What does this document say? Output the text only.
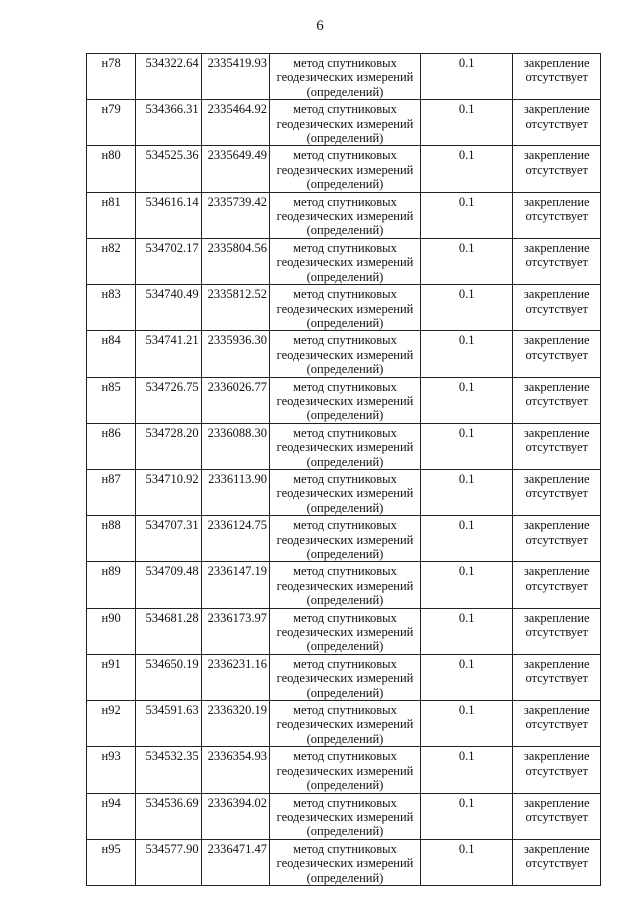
6
н78	534322.64	2335419.93	метод спутниковых
геодезических измерений
(определений)	0.1	закрепление
отсутствует

н79	534366.31	2335464.92	метод спутниковых
геодезических измерений
(определений)	0.1	закрепление
отсутствует

н80	534525.36	2335649.49	метод спутниковых
геодезических измерений
(определений)	0.1	закрепление
отсутствует

н81	534616.14	2335739.42	метод спутниковых
геодезических измерений
(определений)	0.1	закрепление
отсутствует

н82	534702.17	2335804.56	метод спутниковых
геодезических измерений
(определений)	0.1	закрепление
отсутствует

н83	534740.49	2335812.52	метод спутниковых
геодезических измерений
(определений)	0.1	закрепление
отсутствует

н84	534741.21	2335936.30	метод спутниковых
геодезических измерений
(определений)	0.1	закрепление
отсутствует

н85	534726.75	2336026.77	метод спутниковых
геодезических измерений
(определений)	0.1	закрепление
отсутствует

н86	534728.20	2336088.30	метод спутниковых
геодезических измерений
(определений)	0.1	закрепление
отсутствует

н87	534710.92	2336113.90	метод спутниковых
геодезических измерений
(определений)	0.1	закрепление
отсутствует

н88	534707.31	2336124.75	метод спутниковых
геодезических измерений
(определений)	0.1	закрепление
отсутствует

н89	534709.48	2336147.19	метод спутниковых
геодезических измерений
(определений)	0.1	закрепление
отсутствует

н90	534681.28	2336173.97	метод спутниковых
геодезических измерений
(определений)	0.1	закрепление
отсутствует

н91	534650.19	2336231.16	метод спутниковых
геодезических измерений
(определений)	0.1	закрепление
отсутствует

н92	534591.63	2336320.19	метод спутниковых
геодезических измерений
(определений)	0.1	закрепление
отсутствует

н93	534532.35	2336354.93	метод спутниковых
геодезических измерений
(определений)	0.1	закрепление
отсутствует

н94	534536.69	2336394.02	метод спутниковых
геодезических измерений
(определений)	0.1	закрепление
отсутствует

н95	534577.90	2336471.47	метод спутниковых
геодезических измерений
(определений)	0.1	закрепление
отсутствует
